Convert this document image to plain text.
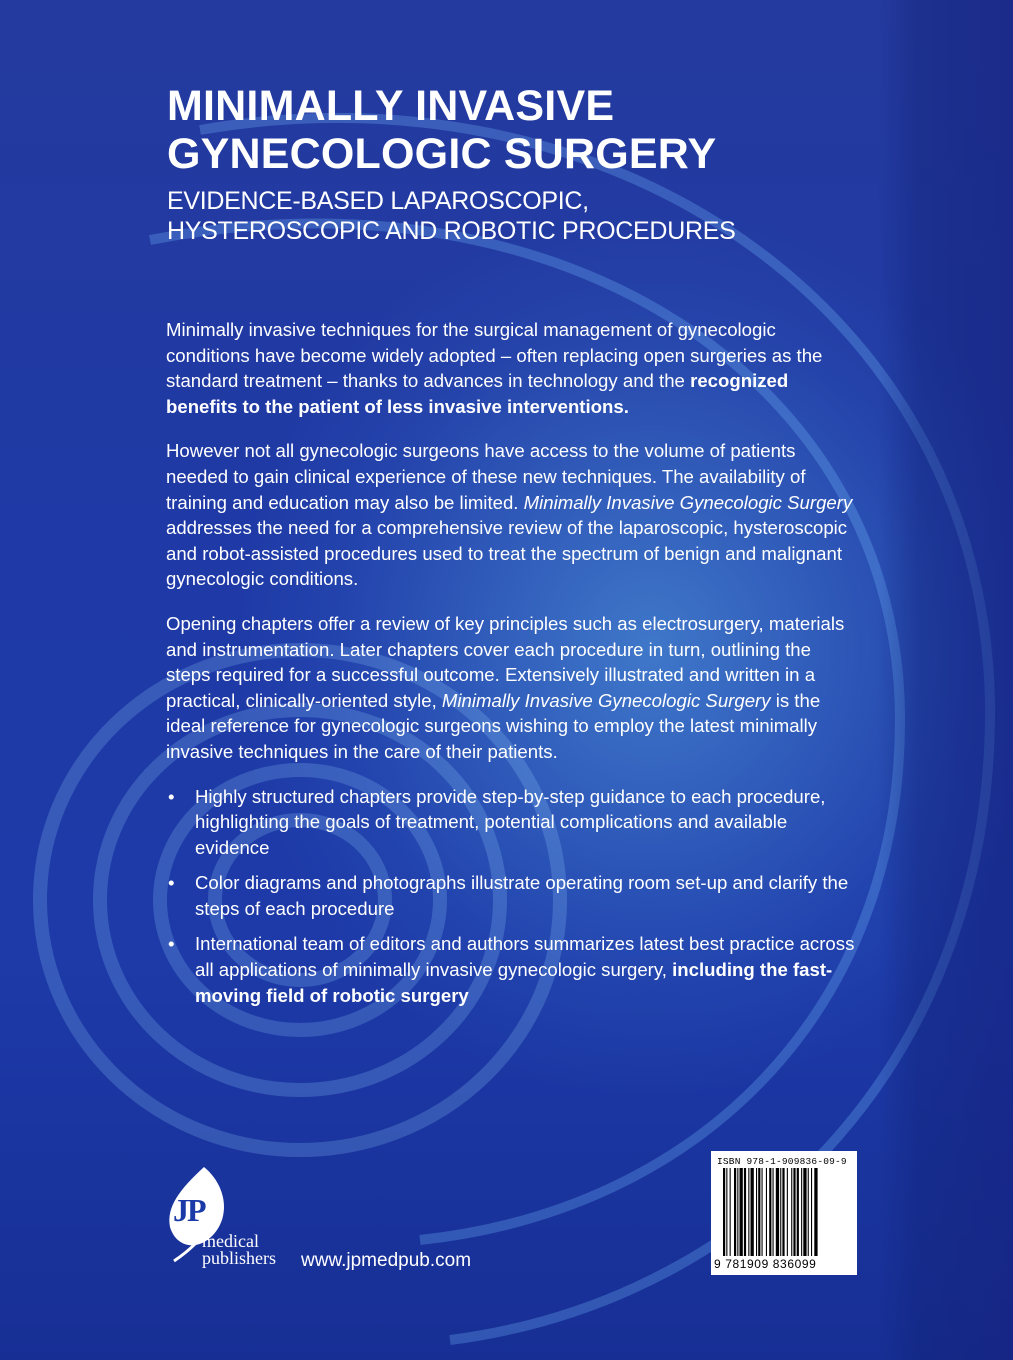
MINIMALLY INVASIVE
GYNECOLOGIC SURGERY
EVIDENCE-BASED LAPAROSCOPIC,
HYSTEROSCOPIC AND ROBOTIC PROCEDURES

Minimally invasive techniques for the surgical management of gynecologic conditions have become widely adopted – often replacing open surgeries as the standard treatment – thanks to advances in technology and the recognized benefits to the patient of less invasive interventions.

However not all gynecologic surgeons have access to the volume of patients needed to gain clinical experience of these new techniques. The availability of training and education may also be limited. Minimally Invasive Gynecologic Surgery addresses the need for a comprehensive review of the laparoscopic, hysteroscopic and robot-assisted procedures used to treat the spectrum of benign and malignant gynecologic conditions.

Opening chapters offer a review of key principles such as electrosurgery, materials and instrumentation. Later chapters cover each procedure in turn, outlining the steps required for a successful outcome. Extensively illustrated and written in a practical, clinically-oriented style, Minimally Invasive Gynecologic Surgery is the ideal reference for gynecologic surgeons wishing to employ the latest minimally invasive techniques in the care of their patients.

• Highly structured chapters provide step-by-step guidance to each procedure, highlighting the goals of treatment, potential complications and available evidence
• Color diagrams and photographs illustrate operating room set-up and clarify the steps of each procedure
• International team of editors and authors summarizes latest best practice across all applications of minimally invasive gynecologic surgery, including the fast-moving field of robotic surgery
JP
medical
publishers www.jpmedpub.com
ISBN 978-1-909836-09-9
9 781909 836099
